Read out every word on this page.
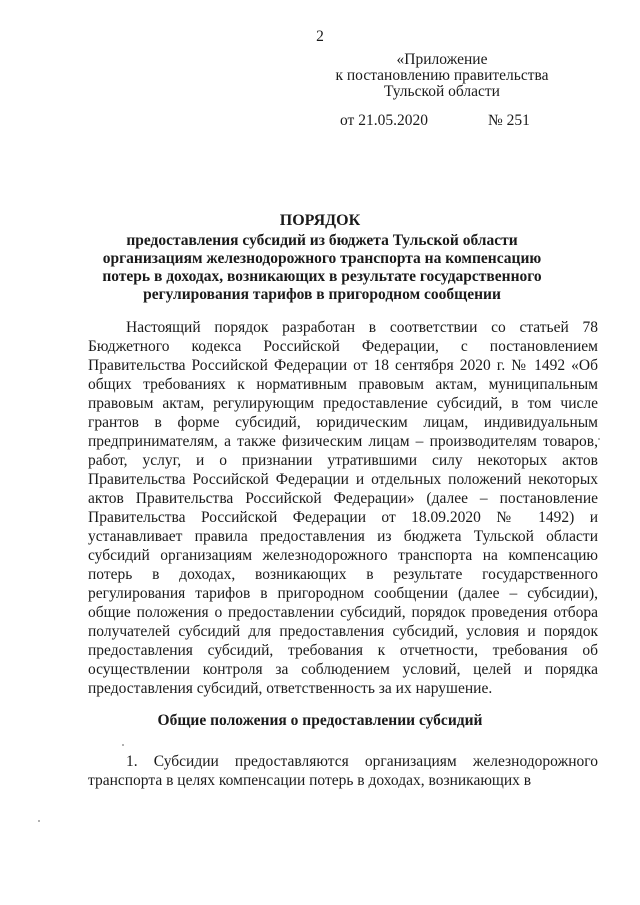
2
«Приложение
к постановлению правительства
Тульской области
от 21.05.2020	№ 251
ПОРЯДОК
предоставления субсидий из бюджета Тульской области организациям железнодорожного транспорта на компенсацию потерь в доходах, возникающих в результате государственного регулирования тарифов в пригородном сообщении

Настоящий порядок разработан в соответствии со статьей 78 Бюджетного кодекса Российской Федерации, с постановлением Правительства Российской Федерации от 18 сентября 2020 г. № 1492 «Об общих требованиях к нормативным правовым актам, муниципальным правовым актам, регулирующим предоставление субсидий, в том числе грантов в форме субсидий, юридическим лицам, индивидуальным предпринимателям, а также физическим лицам – производителям товаров, работ, услуг, и о признании утратившими силу некоторых актов Правительства Российской Федерации и отдельных положений некоторых актов Правительства Российской Федерации» (далее – постановление Правительства Российской Федерации от 18.09.2020 № 1492) и устанавливает правила предоставления из бюджета Тульской области субсидий организациям железнодорожного транспорта на компенсацию потерь в доходах, возникающих в результате государственного регулирования тарифов в пригородном сообщении (далее – субсидии), общие положения о предоставлении субсидий, порядок проведения отбора получателей субсидий для предоставления субсидий, условия и порядок предоставления субсидий, требования к отчетности, требования об осуществлении контроля за соблюдением условий, целей и порядка предоставления субсидий, ответственность за их нарушение.

Общие положения о предоставлении субсидий

1. Субсидии предоставляются организациям железнодорожного транспорта в целях компенсации потерь в доходах, возникающих в
